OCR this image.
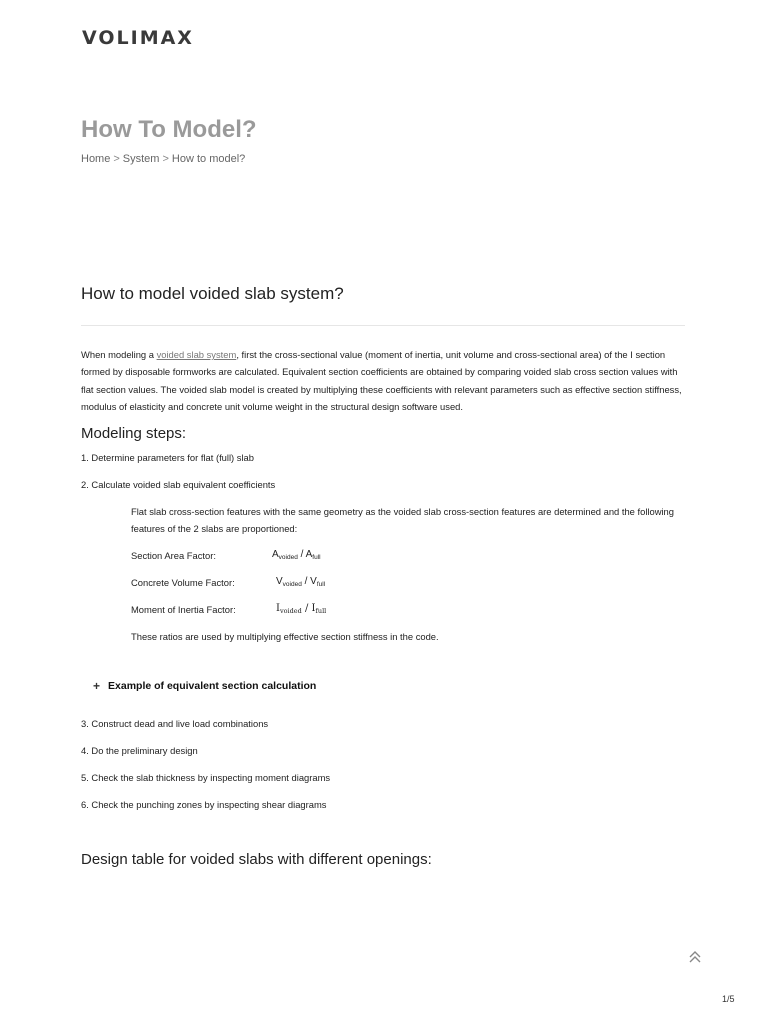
VOLIMAX
How To Model?
Home > System > How to model?
How to model voided slab system?

When modeling a voided slab system, first the cross-sectional value (moment of inertia, unit volume and cross-sectional area) of the I section formed by disposable formworks are calculated. Equivalent section coefficients are obtained by comparing voided slab cross section values with flat section values. The voided slab model is created by multiplying these coefficients with relevant parameters such as effective section stiffness, modulus of elasticity and concrete unit volume weight in the structural design software used.

Modeling steps:

1. Determine parameters for flat (full) slab

2. Calculate voided slab equivalent coefficients

Flat slab cross-section features with the same geometry as the voided slab cross-section features are determined and the following features of the 2 slabs are proportioned:

Section Area Factor:	$A_{voided} / A_{full}$
Concrete Volume Factor:	$V_{voided} / V_{full}$
Moment of Inertia Factor:	$I_{voided} / I_{full}$

These ratios are used by multiplying effective section stiffness in the code.

+ Example of equivalent section calculation

3. Construct dead and live load combinations

4. Do the preliminary design

5. Check the slab thickness by inspecting moment diagrams

6. Check the punching zones by inspecting shear diagrams

Design table for voided slabs with different openings:
1/5
